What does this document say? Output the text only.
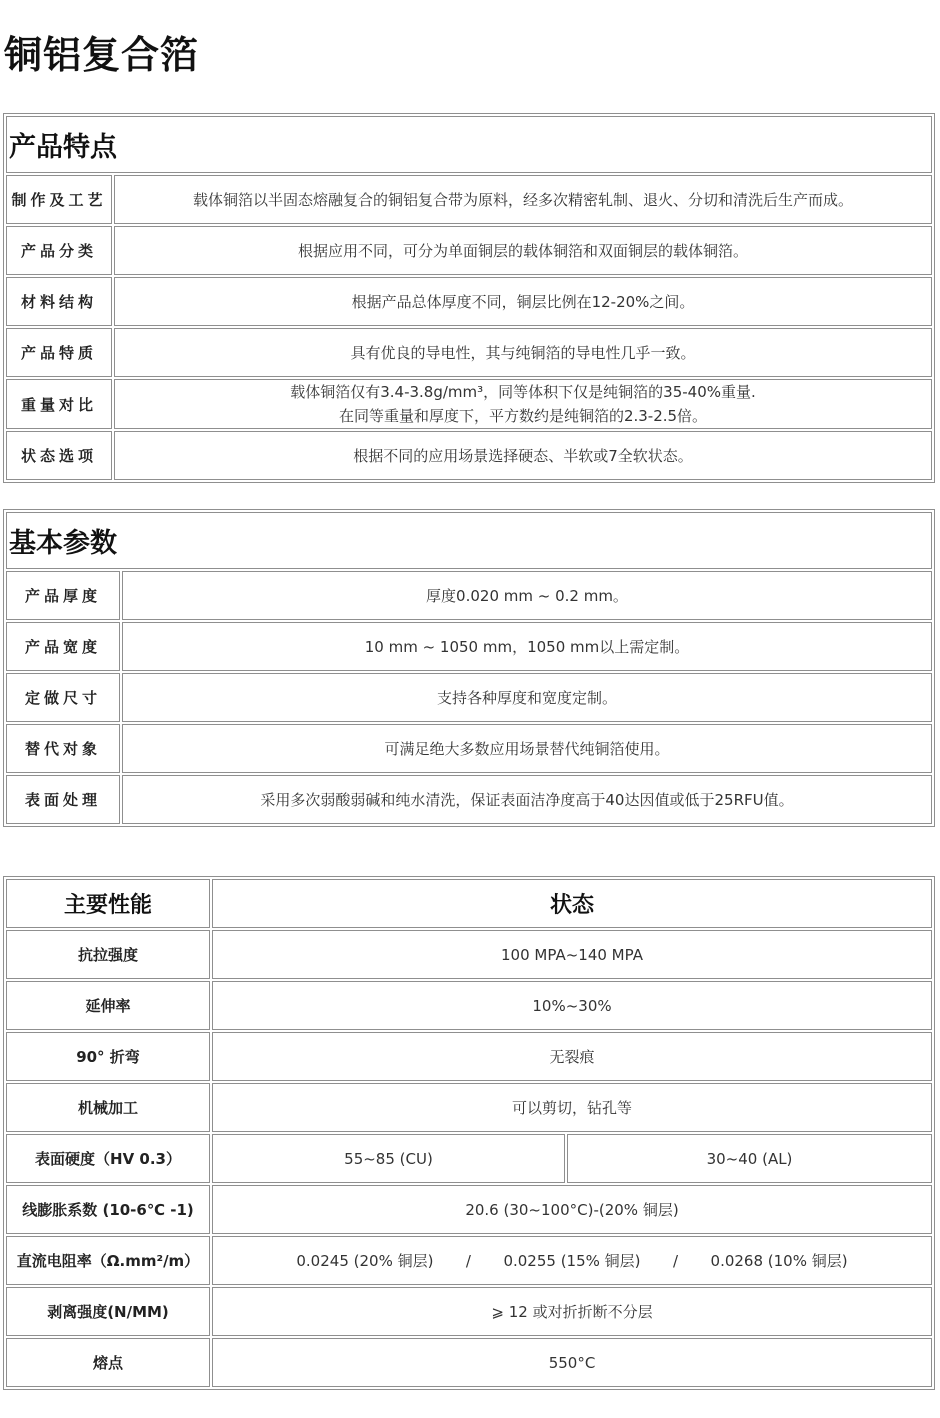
铜铝复合箔
产品特点	
制作及工艺	载体铜箔以半固态熔融复合的铜铝复合带为原料，经多次精密轧制、退火、分切和清洗后生产而成。
产品分类	根据应用不同，可分为单面铜层的载体铜箔和双面铜层的载体铜箔。
材料结构	根据产品总体厚度不同，铜层比例在12-20%之间。
产品特质	具有优良的导电性，其与纯铜箔的导电性几乎一致。
重量对比	载体铜箔仅有3.4-3.8g/mm³，同等体积下仅是纯铜箔的35-40%重量.
在同等重量和厚度下，平方数约是纯铜箔的2.3-2.5倍。

状态选项	根据不同的应用场景选择硬态、半软或7全软状态。
基本参数	
产品厚度	厚度0.020 mm ~ 0.2 mm。
产品宽度	10 mm ~ 1050 mm，1050 mm以上需定制。
定做尺寸	支持各种厚度和宽度定制。
替代对象	可满足绝大多数应用场景替代纯铜箔使用。
表面处理	采用多次弱酸弱碱和纯水清洗，保证表面洁净度高于40达因值或低于25RFU值。
主要性能	状态	
抗拉强度	100 MPA~140 MPA	
延伸率	10%~30%	
90° 折弯	无裂痕	
机械加工	可以剪切，钻孔等	
表面硬度（HV 0.3）	55~85 (CU)	30~40 (AL)
线膨胀系数 (10-6℃ -1)	20.6 (30~100°C)-(20% 铜层)	
直流电阻率（Ω.mm²/m）	0.0245 (20% 铜层) / 0.0255 (15% 铜层) / 0.0268 (10% 铜层)	
剥离强度(N/MM)	⩾ 12 或对折折断不分层	
熔点	550°C	
